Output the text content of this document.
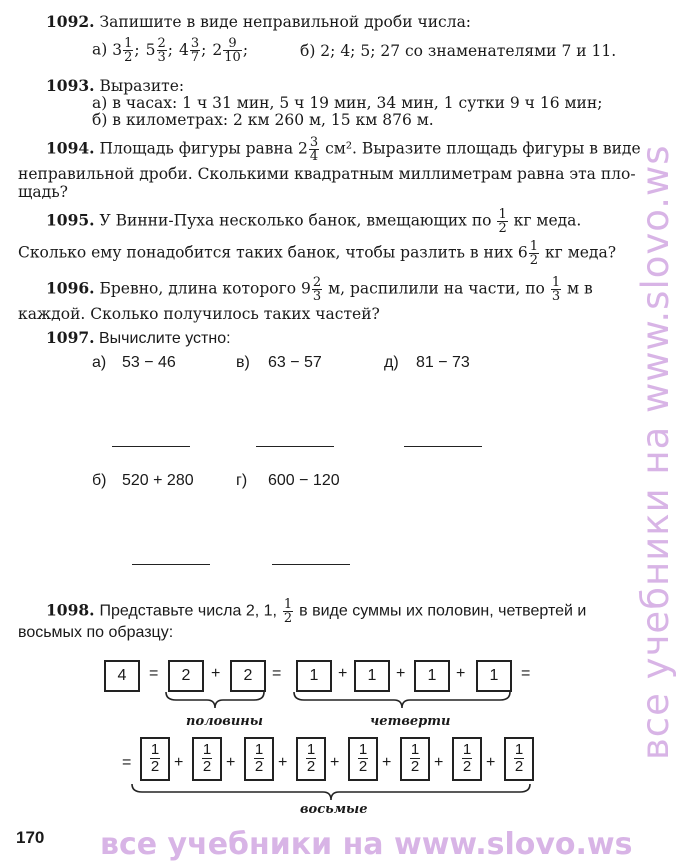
все учебники на www.slovo.ws
все учебники на www.slovo.ws
170
1092. Запишите в виде неправильной дроби числа:
а) $3 \frac{1}{2}$ ; $5 \frac{2}{3}$ ; $4 \frac{3}{7}$ ; $2 \frac{9}{10}$ ;	б) 2; 4; 5; 27 со знаменателями 7 и 11.
1093. Выразите:
а) в часах: 1 ч 31 мин, 5 ч 19 мин, 34 мин, 1 сутки 9 ч 16 мин;
б) в километрах: 2 км 260 м, 15 км 876 м.
1094. Площадь фигуры равна $2 \frac{3}{4} см^2$. Выразите площадь фигуры в виде
неправильной дроби. Сколькими квадратным миллиметрам равна эта пло-
щадь?
1095. У Винни-Пуха несколько банок, вмещающих по $\frac{1}{2}$ кг меда.
Сколько ему понадобится таких банок, чтобы разлить в них $6 \frac{1}{2}$ кг меда?
1096. Бревно, длина которого $9 \frac{2}{3} м$, распилили на части, по $\frac{1}{3}$ м в
каждой. Сколько получилось таких частей?
1097. Вычислите устно:
а) 53 − 46	в) 63 − 57	д) 81 − 73
б) 520 + 280	г) 600 − 120
1098. Представьте числа 2, 1, $\frac{1}{2}$ в виде суммы их половин, четвертей и
восьмых по образцу:
4	=	2	+	2	=	1	+	1	+	1	+	1	=
половины	четверти
восьмые
= $\frac{1}{2} + \frac{1}{2} + \frac{1}{2} + \frac{1}{2} + \frac{1}{2} + \frac{1}{2} + \frac{1}{2} + \frac{1}{2}$
